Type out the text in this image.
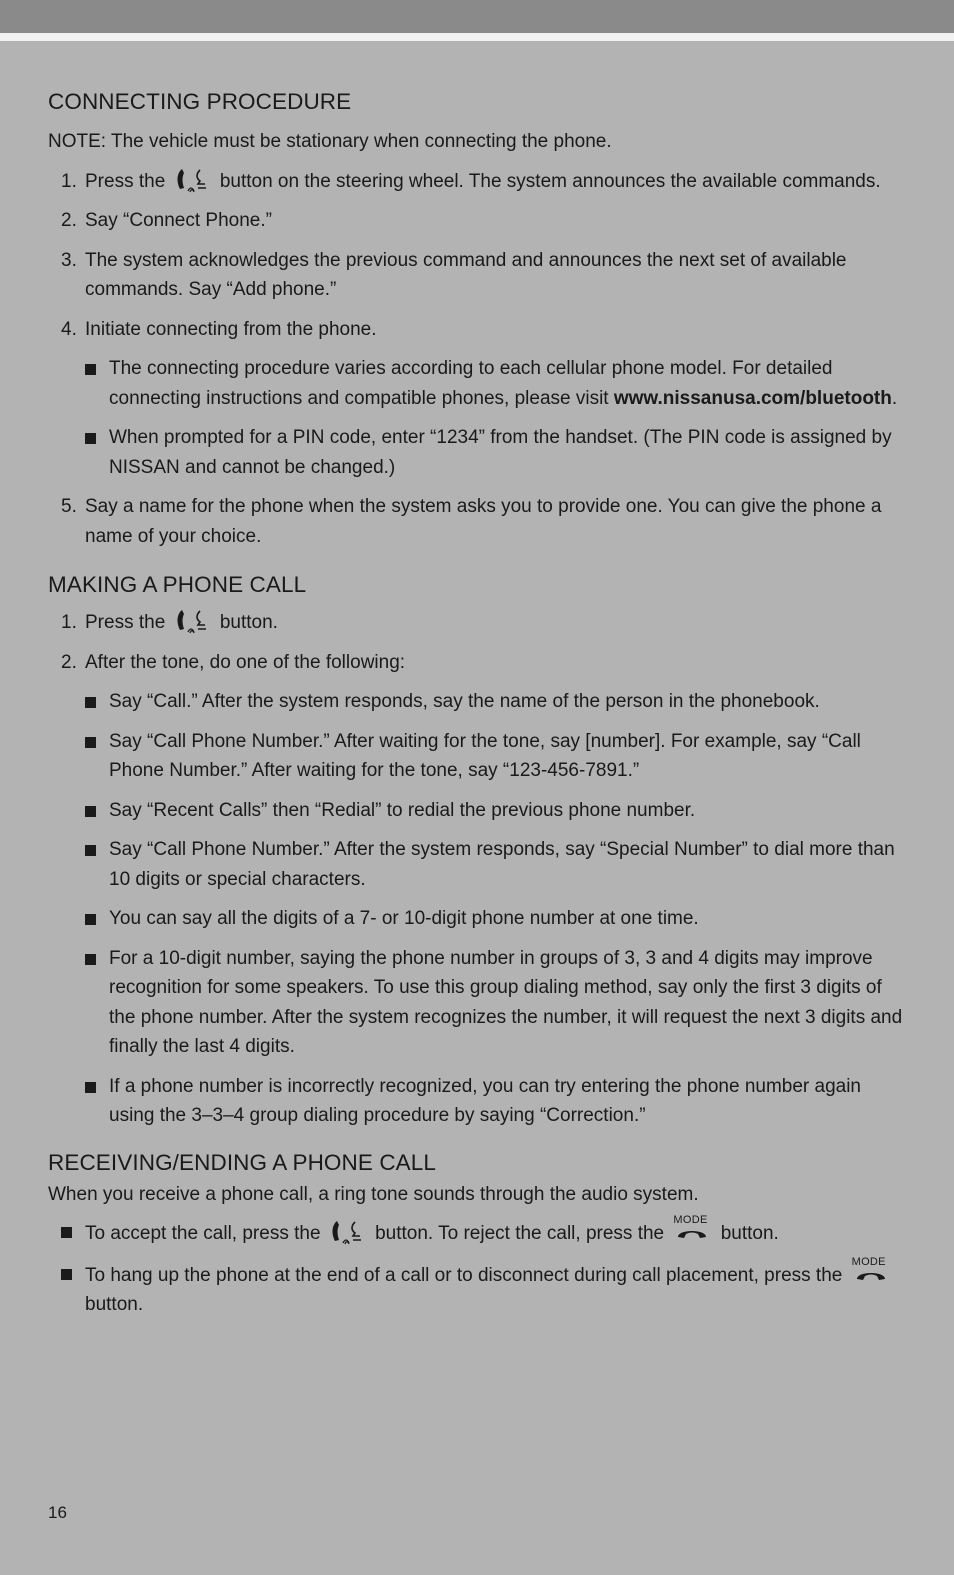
CONNECTING PROCEDURE

NOTE: The vehicle must be stationary when connecting the phone.

1. Press the	button on the steering wheel. The system announces the available commands.
2. Say “Connect Phone.”
3. The system acknowledges the previous command and announces the next set of available commands. Say “Add phone.”
4. Initiate connecting from the phone.
The connecting procedure varies according to each cellular phone model. For detailed connecting instructions and compatible phones, please visit www.nissanusa.com/bluetooth.
When prompted for a PIN code, enter “1234” from the handset. (The PIN code is assigned by NISSAN and cannot be changed.)
5. Say a name for the phone when the system asks you to provide one. You can give the phone a name of your choice.
MAKING A PHONE CALL
1. Press the	button.
2. After the tone, do one of the following:
Say “Call.” After the system responds, say the name of the person in the phonebook.
Say “Call Phone Number.” After waiting for the tone, say [number]. For example, say “Call Phone Number.” After waiting for the tone, say “123-456-7891.”
Say “Recent Calls” then “Redial” to redial the previous phone number.
Say “Call Phone Number.” After the system responds, say “Special Number” to dial more than 10 digits or special characters.
You can say all the digits of a 7- or 10-digit phone number at one time.
For a 10-digit number, saying the phone number in groups of 3, 3 and 4 digits may improve recognition for some speakers. To use this group dialing method, say only the first 3 digits of the phone number. After the system recognizes the number, it will request the next 3 digits and finally the last 4 digits.
If a phone number is incorrectly recognized, you can try entering the phone number again using the 3–3–4 group dialing procedure by saying “Correction.”
RECEIVING/ENDING A PHONE CALL

When you receive a phone call, a ring tone sounds through the audio system.

To accept the call, press the	button. To reject the call, press the
MODE
button.
To hang up the phone at the end of a call or to disconnect during call placement, press the
MODE
button.
16
